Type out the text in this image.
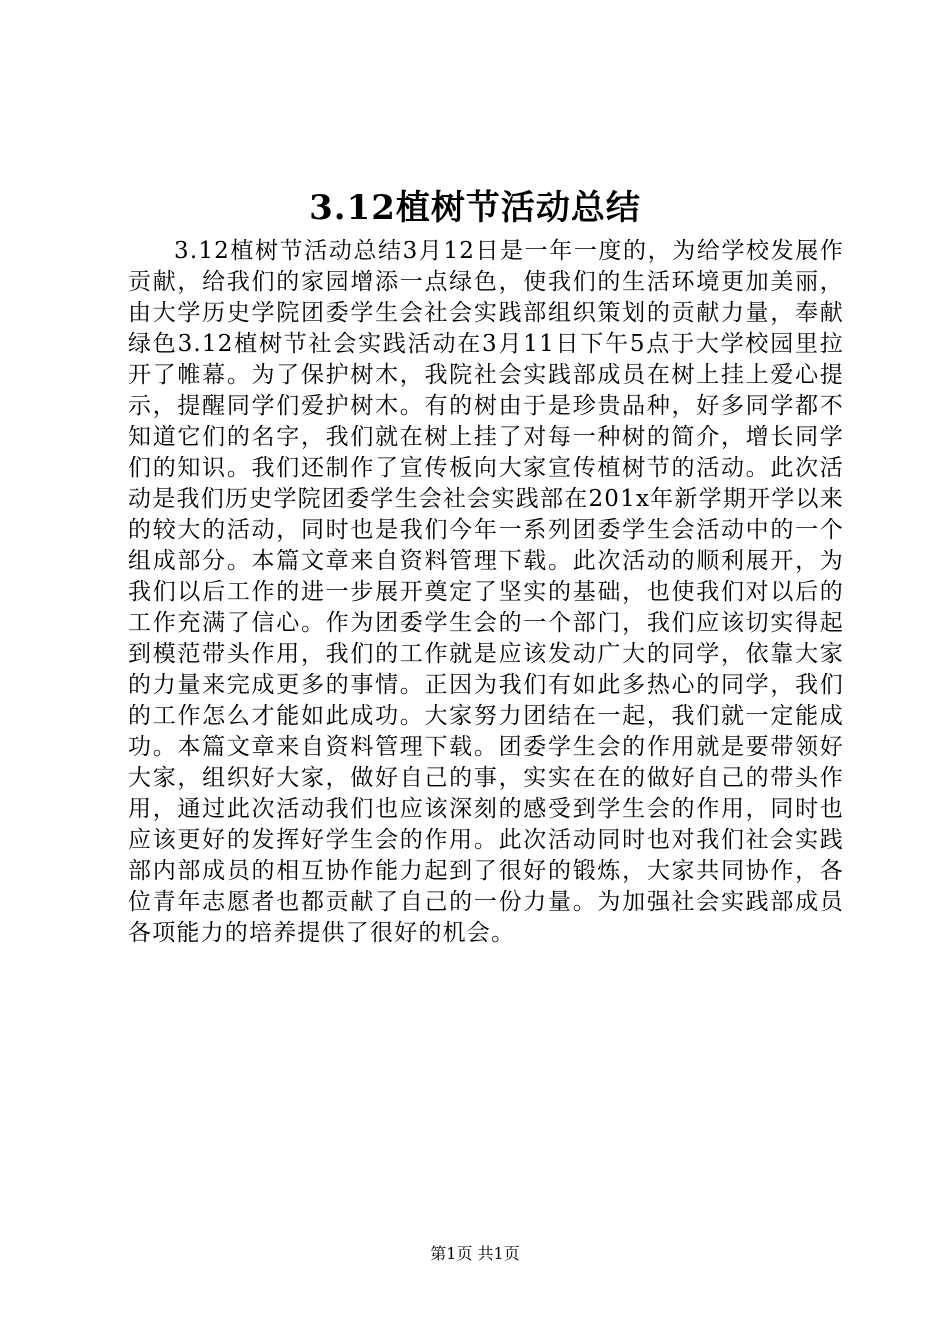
3.12植树节活动总结

3.12植树节活动总结3月12日是一年一度的，为给学校发展作贡献，给我们的家园增添一点绿色，使我们的生活环境更加美丽，由大学历史学院团委学生会社会实践部组织策划的贡献力量，奉献绿色3.12植树节社会实践活动在3月11日下午5点于大学校园里拉开了帷幕。为了保护树木，我院社会实践部成员在树上挂上爱心提示，提醒同学们爱护树木。有的树由于是珍贵品种，好多同学都不知道它们的名字，我们就在树上挂了对每一种树的简介，增长同学们的知识。我们还制作了宣传板向大家宣传植树节的活动。此次活动是我们历史学院团委学生会社会实践部在201x年新学期开学以来的较大的活动，同时也是我们今年一系列团委学生会活动中的一个组成部分。本篇文章来自资料管理下载。此次活动的顺利展开，为我们以后工作的进一步展开奠定了坚实的基础，也使我们对以后的工作充满了信心。作为团委学生会的一个部门，我们应该切实得起到模范带头作用，我们的工作就是应该发动广大的同学，依靠大家的力量来完成更多的事情。正因为我们有如此多热心的同学，我们的工作怎么才能如此成功。大家努力团结在一起，我们就一定能成功。本篇文章来自资料管理下载。团委学生会的作用就是要带领好大家，组织好大家，做好自己的事，实实在在的做好自己的带头作用，通过此次活动我们也应该深刻的感受到学生会的作用，同时也应该更好的发挥好学生会的作用。此次活动同时也对我们社会实践部内部成员的相互协作能力起到了很好的锻炼，大家共同协作，各位青年志愿者也都贡献了自己的一份力量。为加强社会实践部成员各项能力的培养提供了很好的机会。

第1页 共1页
